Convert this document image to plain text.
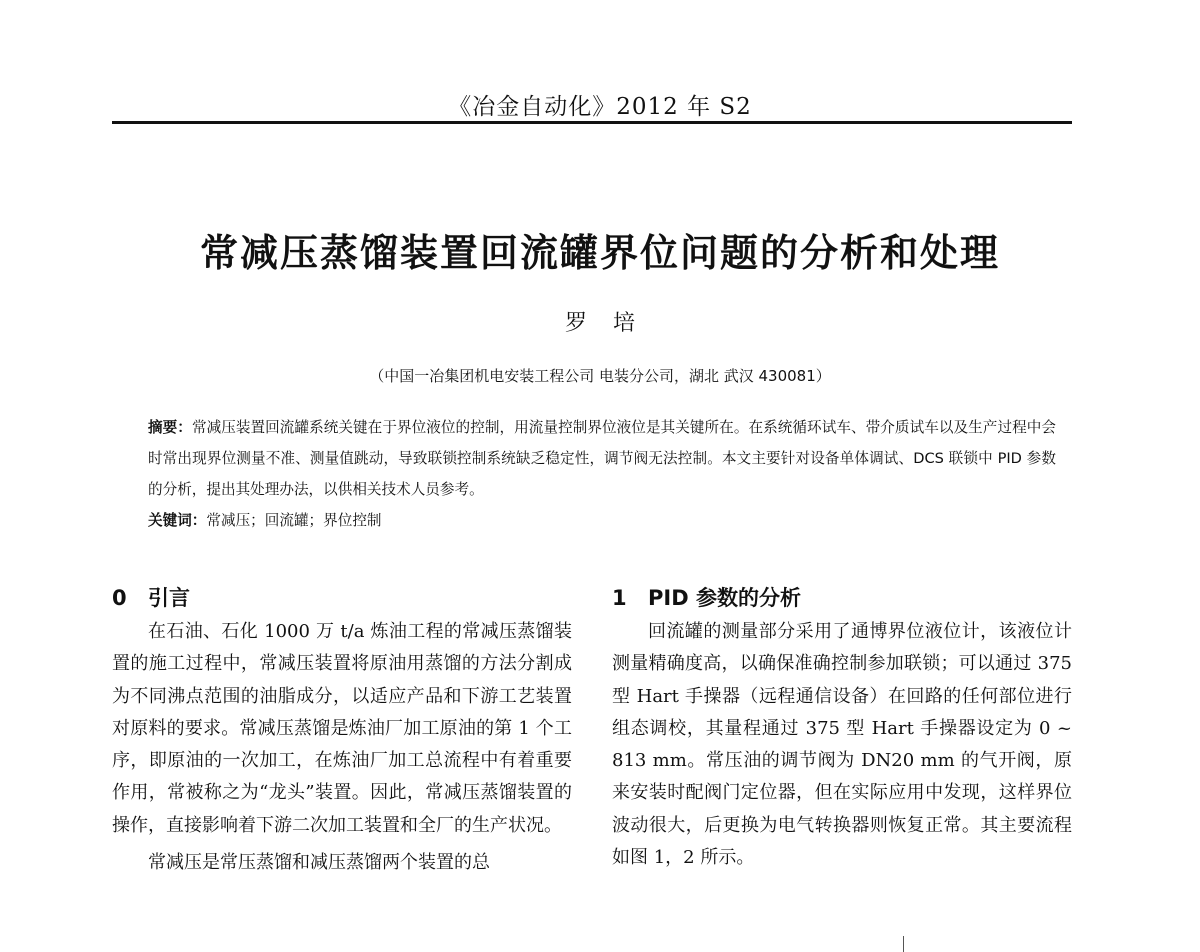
《冶金自动化》2012 年 S2
常减压蒸馏装置回流罐界位问题的分析和处理
罗培
（中国一冶集团机电安装工程公司 电装分公司，湖北 武汉 430081）

摘要：常减压装置回流罐系统关键在于界位液位的控制，用流量控制界位液位是其关键所在。在系统循环试车、带介质试车以及生产过程中会时常出现界位测量不准、测量值跳动，导致联锁控制系统缺乏稳定性，调节阀无法控制。本文主要针对设备单体调试、DCS 联锁中 PID 参数的分析，提出其处理办法，以供相关技术人员参考。

关键词：常减压；回流罐；界位控制

0 引言

在石油、石化 1000 万 t/a 炼油工程的常减压蒸馏装置的施工过程中，常减压装置将原油用蒸馏的方法分割成为不同沸点范围的油脂成分，以适应产品和下游工艺装置对原料的要求。常减压蒸馏是炼油厂加工原油的第 1 个工序，即原油的一次加工，在炼油厂加工总流程中有着重要作用，常被称之为“龙头”装置。因此，常减压蒸馏装置的操作，直接影响着下游二次加工装置和全厂的生产状况。

常减压是常压蒸馏和减压蒸馏两个装置的总

1 PID 参数的分析

回流罐的测量部分采用了通博界位液位计，该液位计测量精确度高，以确保准确控制参加联锁；可以通过 375 型 Hart 手操器（远程通信设备）在回路的任何部位进行组态调校，其量程通过 375 型 Hart 手操器设定为 0 ~ 813 mm。常压油的调节阀为 DN20 mm 的气开阀，原来安装时配阀门定位器，但在实际应用中发现，这样界位波动很大，后更换为电气转换器则恢复正常。其主要流程如图 1，2 所示。
